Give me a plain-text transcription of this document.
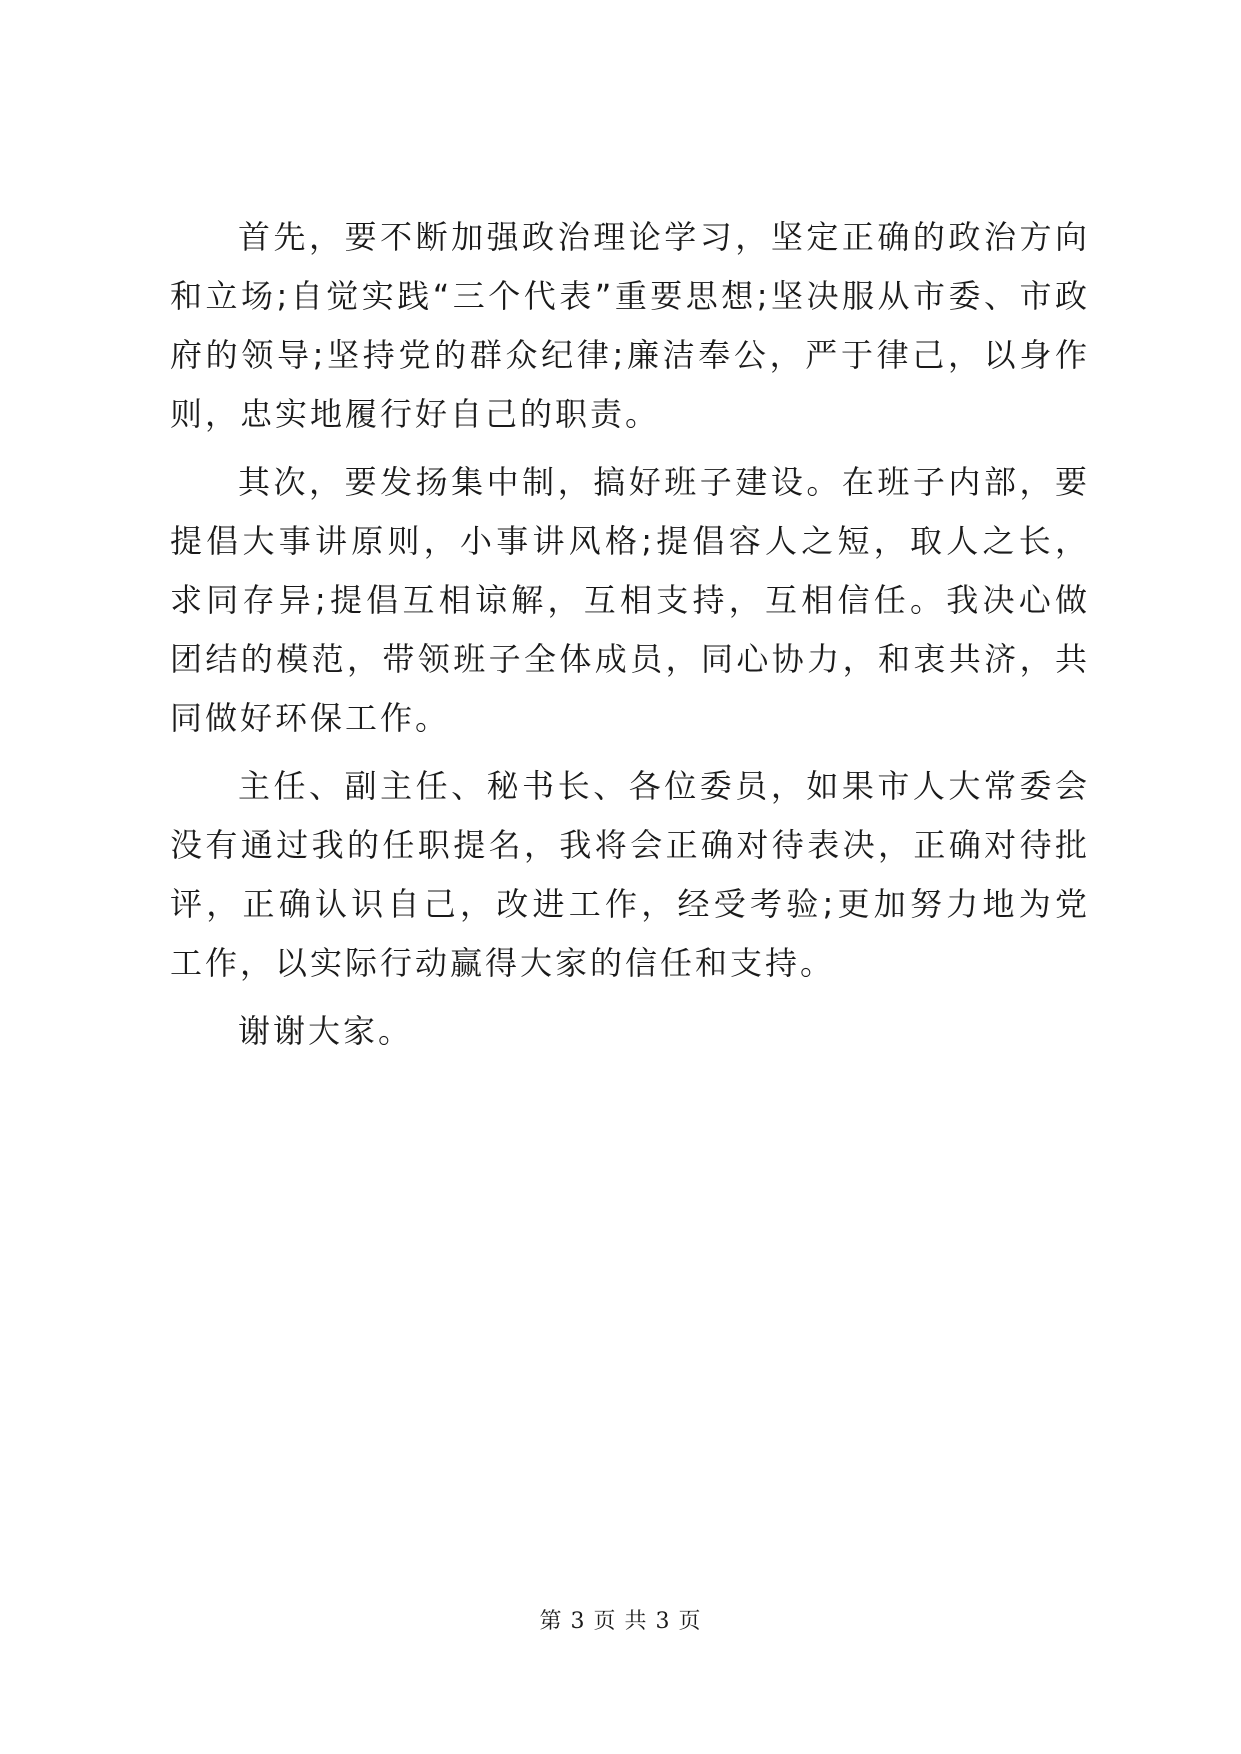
首先，要不断加强政治理论学习，坚定正确的政治方向和立场;自觉实践“三个代表”重要思想;坚决服从市委、市政府的领导;坚持党的群众纪律;廉洁奉公，严于律己，以身作则，忠实地履行好自己的职责。

其次，要发扬集中制，搞好班子建设。在班子内部，要提倡大事讲原则，小事讲风格;提倡容人之短，取人之长，求同存异;提倡互相谅解，互相支持，互相信任。我决心做团结的模范，带领班子全体成员，同心协力，和衷共济，共同做好环保工作。

主任、副主任、秘书长、各位委员，如果市人大常委会没有通过我的任职提名，我将会正确对待表决，正确对待批评，正确认识自己，改进工作，经受考验;更加努力地为党工作，以实际行动赢得大家的信任和支持。

谢谢大家。

第 3 页 共 3 页
